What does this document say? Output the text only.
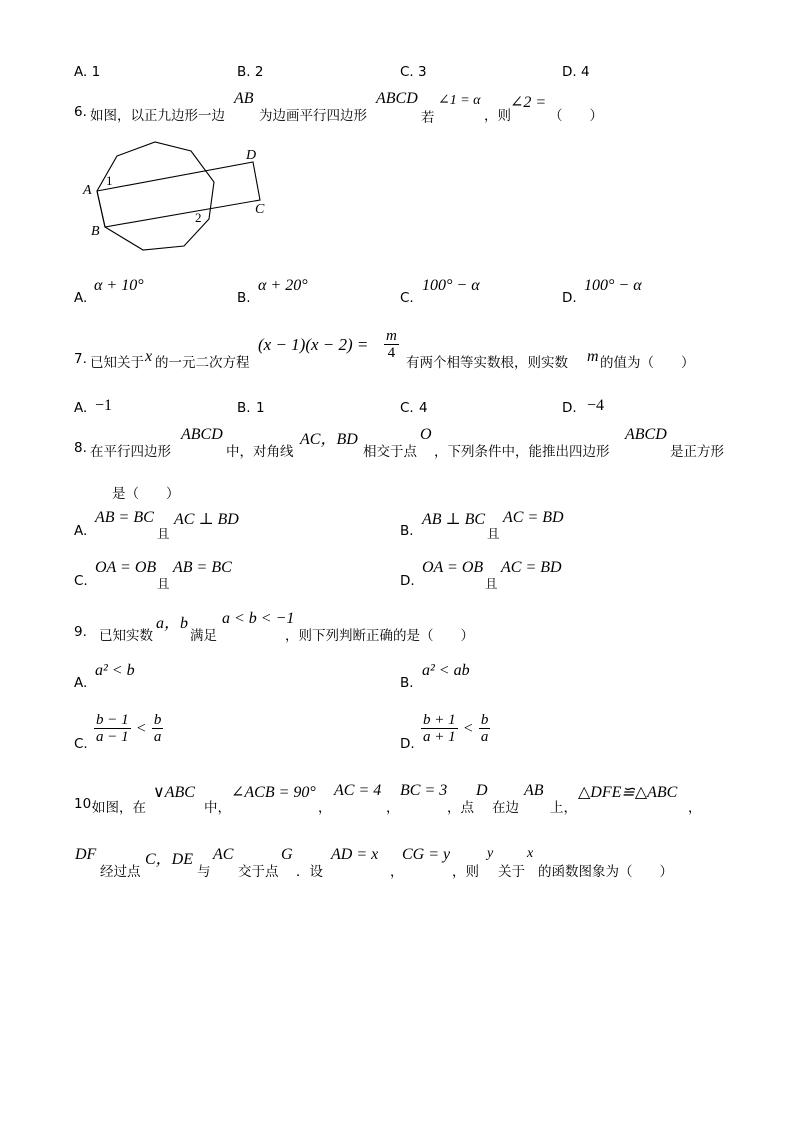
A. 1	B. 2	C. 3	D. 4
6. 如图，以正九边形一边
AB
为边画平行四边形
ABCD
若
∠1 = α
，则
∠2 =
（　　）
A
B
C
D
1
2
A.
α + 10°
B.
α + 20°
C.
100° − α
D.
100° − α
7. 已知关于 x 的一元二次方程
$(x - 1)(x - 2) = \frac{m}{4}$
有两个相等实数根，则实数 m 的值为（　　）
A. −1	B. 1	C. 4	D. −4
8. 在平行四边形
ABCD
中，对角线
AC，BD
相交于点
O
，下列条件中，能推出四边形
ABCD
是正方形
是（　　）
A.
AB = BC
且
AC ⊥ BD
B.
AB ⊥ BC
且
AC = BD
C.
OA = OB
且
AB = BC
D.
OA = OB
且
AC = BD
9. 已知实数
a，b
满足
a < b < −1
，则下列判断正确的是（　　）
A.
a² < b
B.
a² < ab
C. $\frac{b - 1}{a - 1} < \frac{b}{a}$	D. $\frac{b + 1}{a + 1} < \frac{b}{a}$
10.
如图，在
∨ABC
中，
∠ACB = 90°
，
AC = 4
，
BC = 3
，点
D
在边
AB
上，
△DFE≌△ABC
，
DF
经过点
C，DE
与
AC
交于点
G
．设
AD = x
，
CG = y
，则
y
关于
x
的函数图象为（　　）
